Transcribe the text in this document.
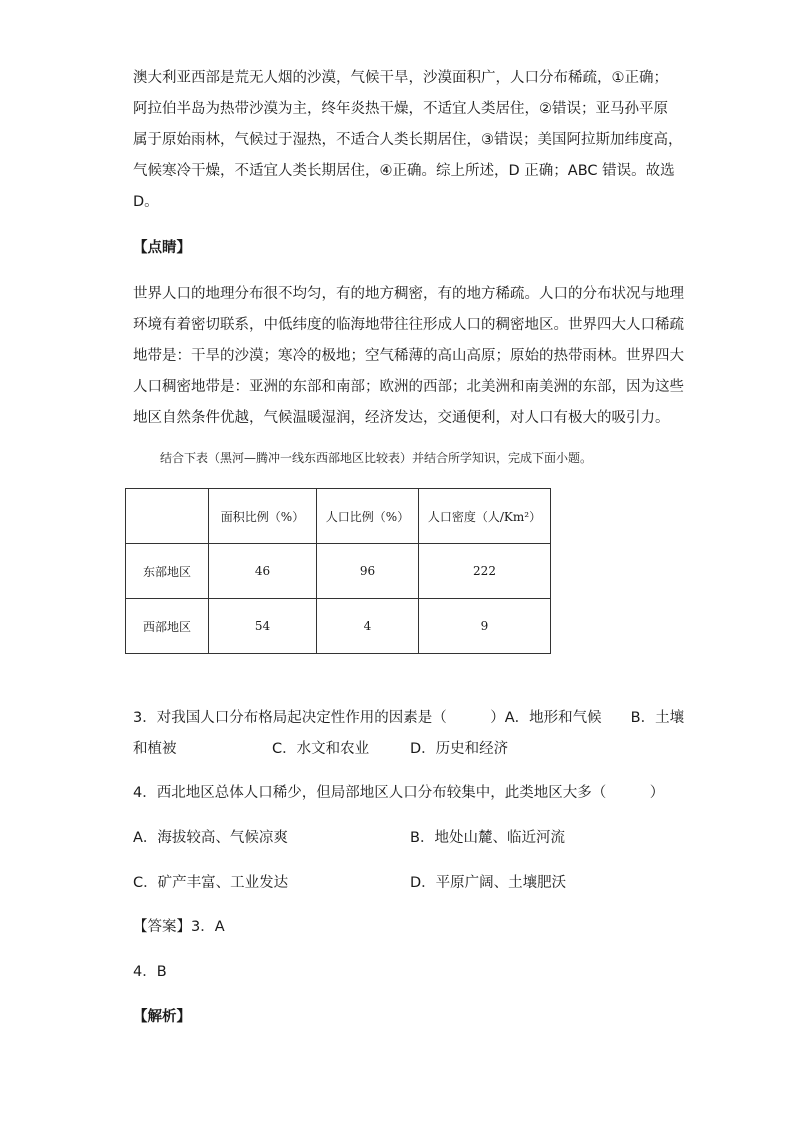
澳大利亚西部是荒无人烟的沙漠，气候干旱，沙漠面积广，人口分布稀疏，①正确；
阿拉伯半岛为热带沙漠为主，终年炎热干燥，不适宜人类居住，②错误；亚马孙平原
属于原始雨林，气候过于湿热，不适合人类长期居住，③错误；美国阿拉斯加纬度高，
气候寒冷干燥，不适宜人类长期居住，④正确。综上所述，D 正确；ABC 错误。故选
D。
【点睛】
世界人口的地理分布很不均匀，有的地方稠密，有的地方稀疏。人口的分布状况与地理
环境有着密切联系，中低纬度的临海地带往往形成人口的稠密地区。世界四大人口稀疏
地带是：干旱的沙漠；寒冷的极地；空气稀薄的高山高原；原始的热带雨林。世界四大
人口稠密地带是：亚洲的东部和南部；欧洲的西部；北美洲和南美洲的东部，因为这些
地区自然条件优越，气候温暖湿润，经济发达，交通便利，对人口有极大的吸引力。
结合下表（黑河—腾冲一线东西部地区比较表）并结合所学知识，完成下面小题。
	面积比例（%）	人口比例（%）	人口密度（人/Km²）
东部地区	46	96	222
西部地区	54	4	9
3．对我国人口分布格局起决定性作用的因素是（　　　）A．地形和气候　　B．土壤
和植被	C．水文和农业	D．历史和经济
4．西北地区总体人口稀少，但局部地区人口分布较集中，此类地区大多（　　　）
A．海拔较高、气候凉爽	B．地处山麓、临近河流
C．矿产丰富、工业发达	D．平原广阔、土壤肥沃
【答案】3．A
4．B
【解析】
